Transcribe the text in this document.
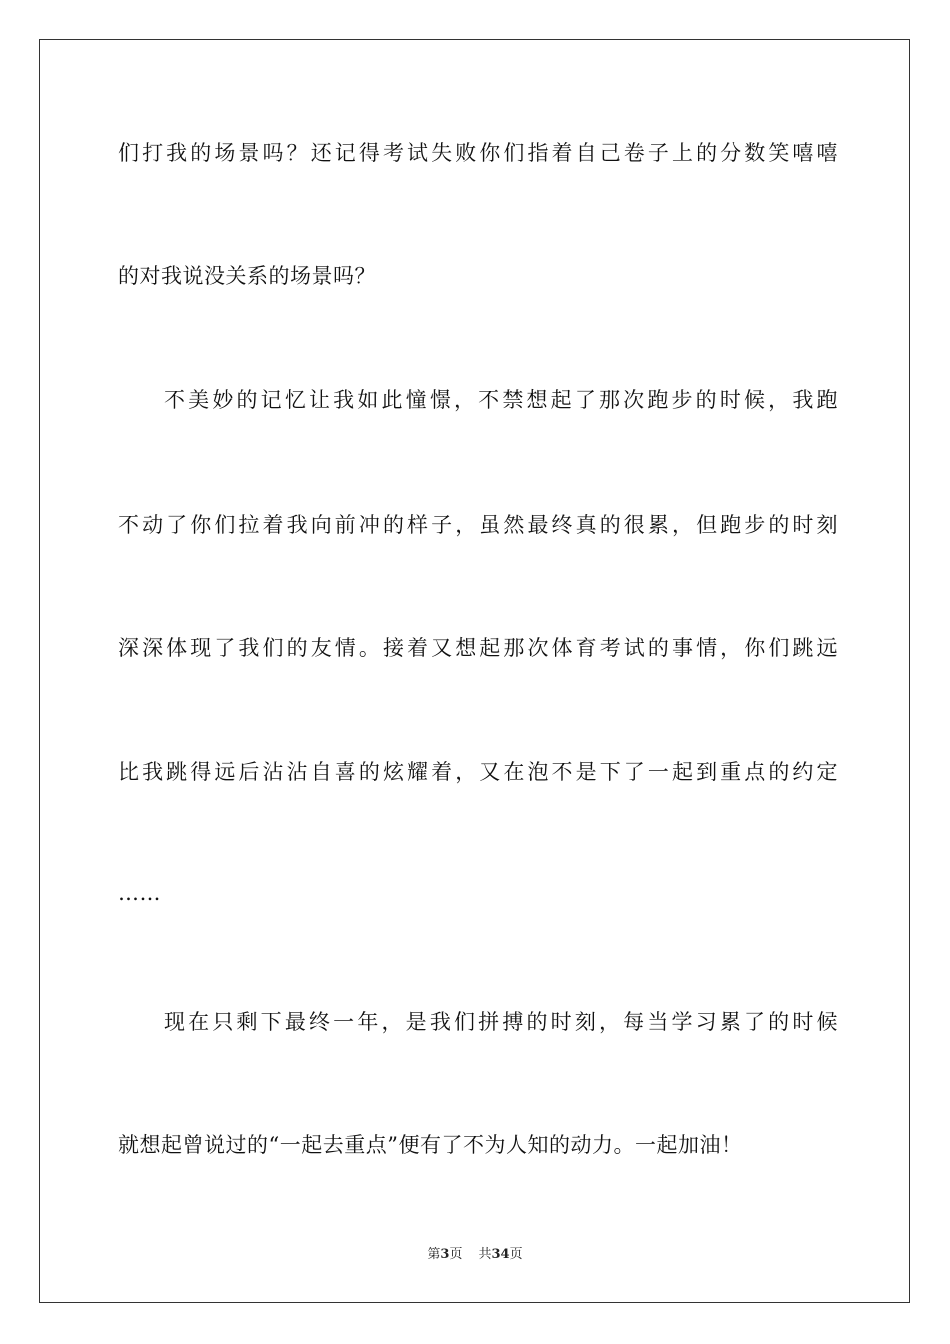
们打我的场景吗？还记得考试失败你们指着自己卷子上的分数笑嘻嘻
的对我说没关系的场景吗？
不美妙的记忆让我如此憧憬，不禁想起了那次跑步的时候，我跑
不动了你们拉着我向前冲的样子，虽然最终真的很累，但跑步的时刻
深深体现了我们的友情。接着又想起那次体育考试的事情，你们跳远
比我跳得远后沾沾自喜的炫耀着，又在泡不是下了一起到重点的约定
……
现在只剩下最终一年，是我们拼搏的时刻，每当学习累了的时候
就想起曾说过的“一起去重点”便有了不为人知的动力。一起加油！
第3页 共34页
